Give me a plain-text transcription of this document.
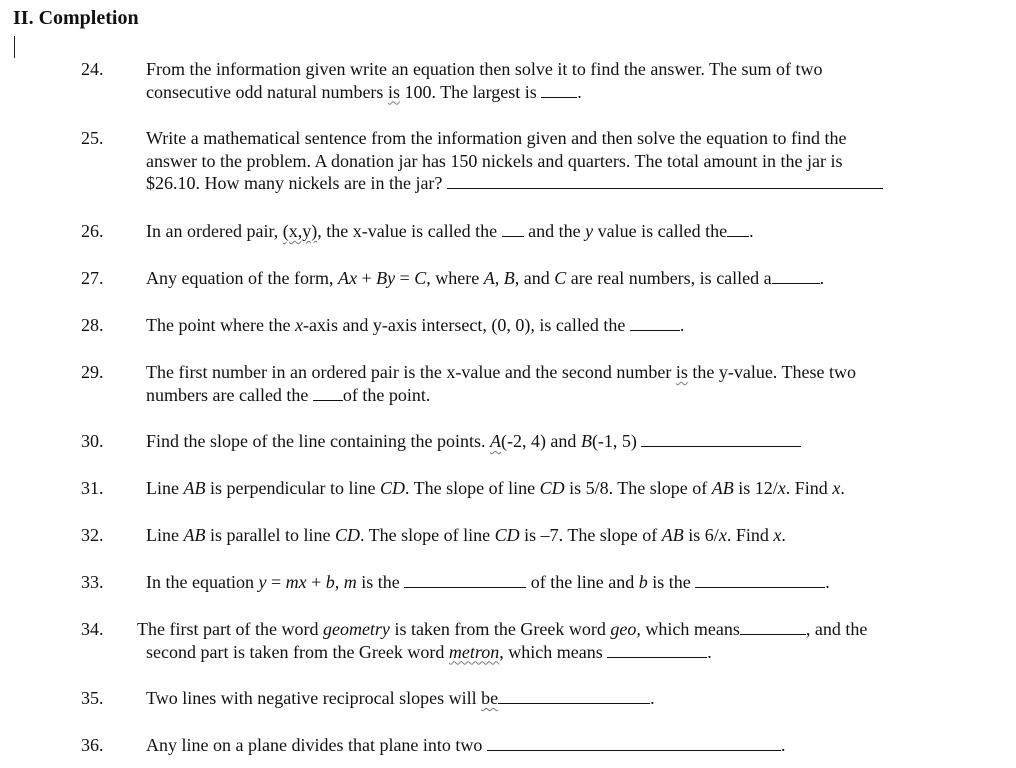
II. Completion
24. From the information given write an equation then solve it to find the answer. The sum of two
consecutive odd natural numbers is 100. The largest is .
25. Write a mathematical sentence from the information given and then solve the equation to find the
answer to the problem. A donation jar has 150 nickels and quarters. The total amount in the jar is
$26.10. How many nickels are in the jar?
26. In an ordered pair, (x,y), the x-value is called the  and the y value is called the .
27. Any equation of the form, Ax + By = C, where A, B, and C are real numbers, is called a	.
28. The point where the x-axis and y-axis intersect, (0, 0), is called the	.
29. The first number in an ordered pair is the x-value and the second number is the y-value. These two
numbers are called the of the point.
30. Find the slope of the line containing the points. A(-2, 4) and B(-1, 5)
31. Line AB is perpendicular to line CD. The slope of line CD is 5/8. The slope of AB is 12/x. Find x.
32. Line AB is parallel to line CD. The slope of line CD is –7. The slope of AB is 6/x. Find x.
33. In the equation y = mx + b, m is the	of the line and b is the	.
34. The first part of the word geometry is taken from the Greek word geo, which means	, and the
second part is taken from the Greek word metron, which means	.
35. Two lines with negative reciprocal slopes will be	.
36. Any line on a plane divides that plane into two	.
